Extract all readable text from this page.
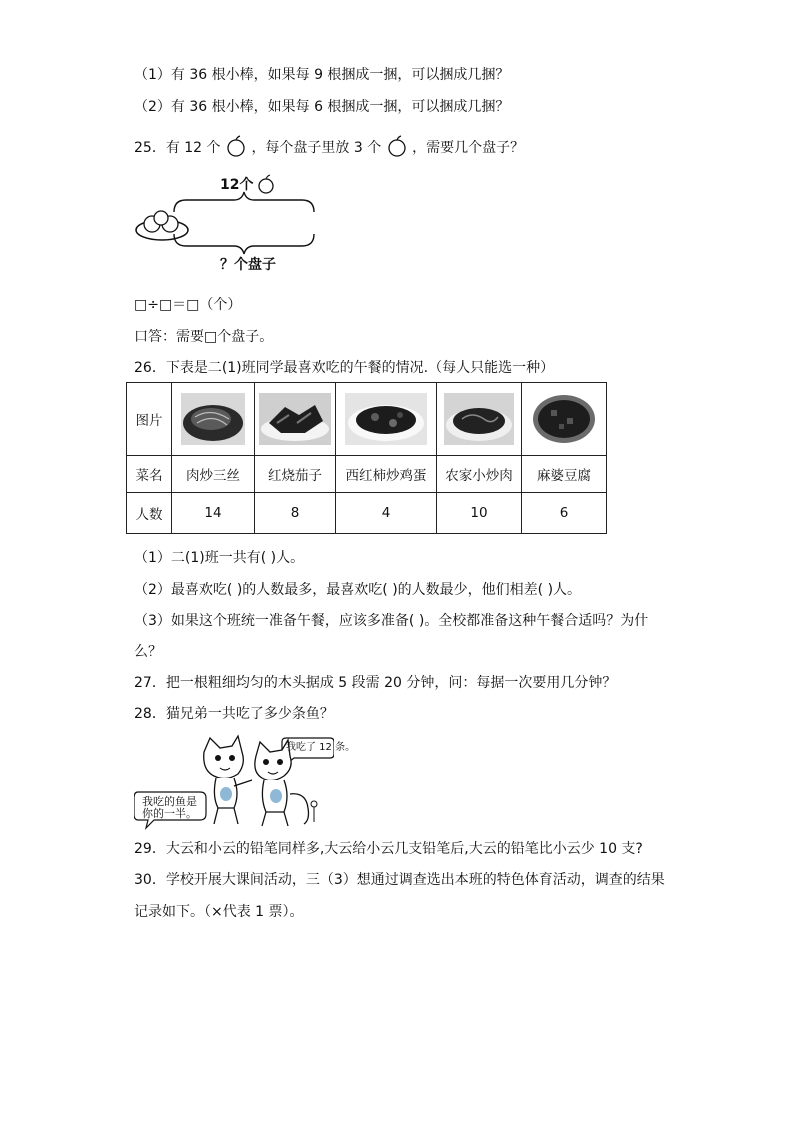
（1）有 36 根小棒，如果每 9 根捆成一捆，可以捆成几捆？
（2）有 36 根小棒，如果每 6 根捆成一捆，可以捆成几捆？
25．有 12 个 ，每个盘子里放 3 个 ，需要几个盘子？
12个
？个盘子
□÷□＝□（个）
口答：需要□个盘子。
26．下表是二(1)班同学最喜欢吃的午餐的情况.（每人只能选一种）
图片	

菜名	肉炒三丝	红烧茄子	西红柿炒鸡蛋	农家小炒肉	麻婆豆腐
人数	14	8	4	10	6
（1）二(1)班一共有( )人。
（2）最喜欢吃( )的人数最多，最喜欢吃( )的人数最少，他们相差( )人。
（3）如果这个班统一准备午餐，应该多准备( )。全校都准备这种午餐合适吗？为什
么？
27．把一根粗细均匀的木头据成 5 段需 20 分钟，问：每据一次要用几分钟？
28．猫兄弟一共吃了多少条鱼？
我吃的鱼是
你的一半。
我吃了 12 条。
29．大云和小云的铅笔同样多,大云给小云几支铅笔后,大云的铅笔比小云少 10 支?
30．学校开展大课间活动，三（3）想通过调查选出本班的特色体育活动，调查的结果
记录如下。（×代表 1 票）。
